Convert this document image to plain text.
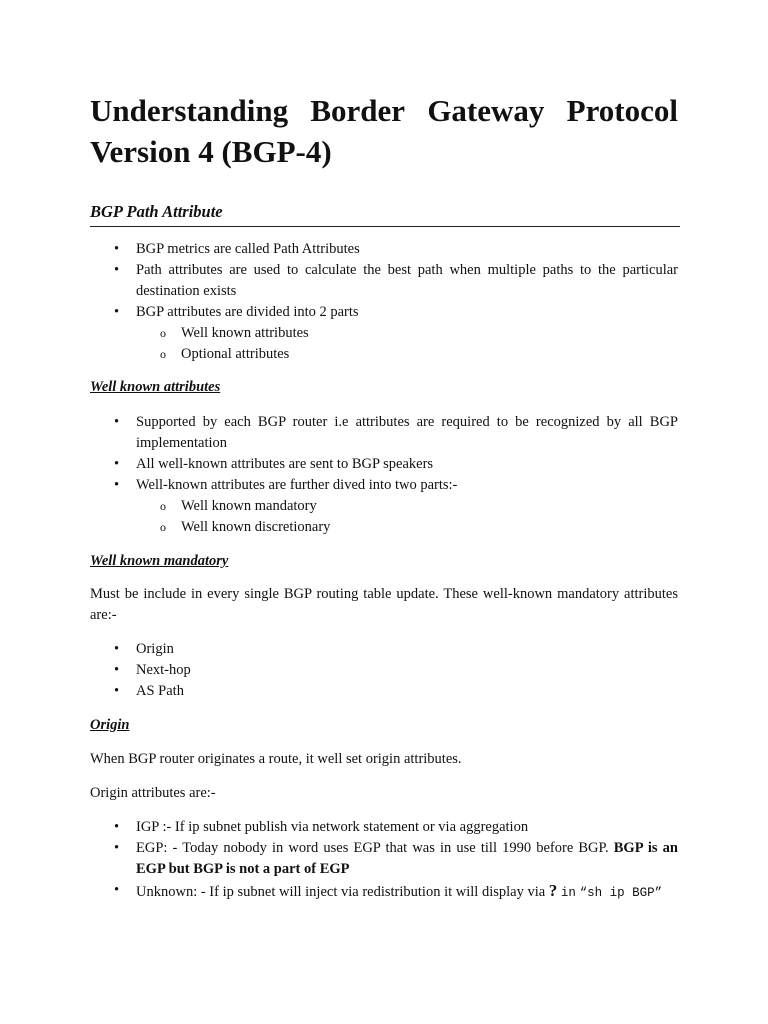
Understanding Border Gateway Protocol
Version 4 (BGP-4)
BGP Path Attribute
• BGP metrics are called Path Attributes
• Path attributes are used to calculate the best path when multiple paths to the particular destination exists
• BGP attributes are divided into 2 parts
o Well known attributes
o Optional attributes
Well known attributes
• Supported by each BGP router i.e attributes are required to be recognized by all BGP implementation
• All well-known attributes are sent to BGP speakers
• Well-known attributes are further dived into two parts:-
o Well known mandatory
o Well known discretionary
Well known mandatory
Must be include in every single BGP routing table update. These well-known mandatory attributes are:-
• Origin
• Next-hop
• AS Path
Origin
When BGP router originates a route, it well set origin attributes.
Origin attributes are:-
• IGP :- If ip subnet publish via network statement or via aggregation
• EGP: - Today nobody in word uses EGP that was in use till 1990 before BGP. BGP is an EGP but BGP is not a part of EGP
• Unknown: - If ip subnet will inject via redistribution it will display via ? in “sh ip BGP”
